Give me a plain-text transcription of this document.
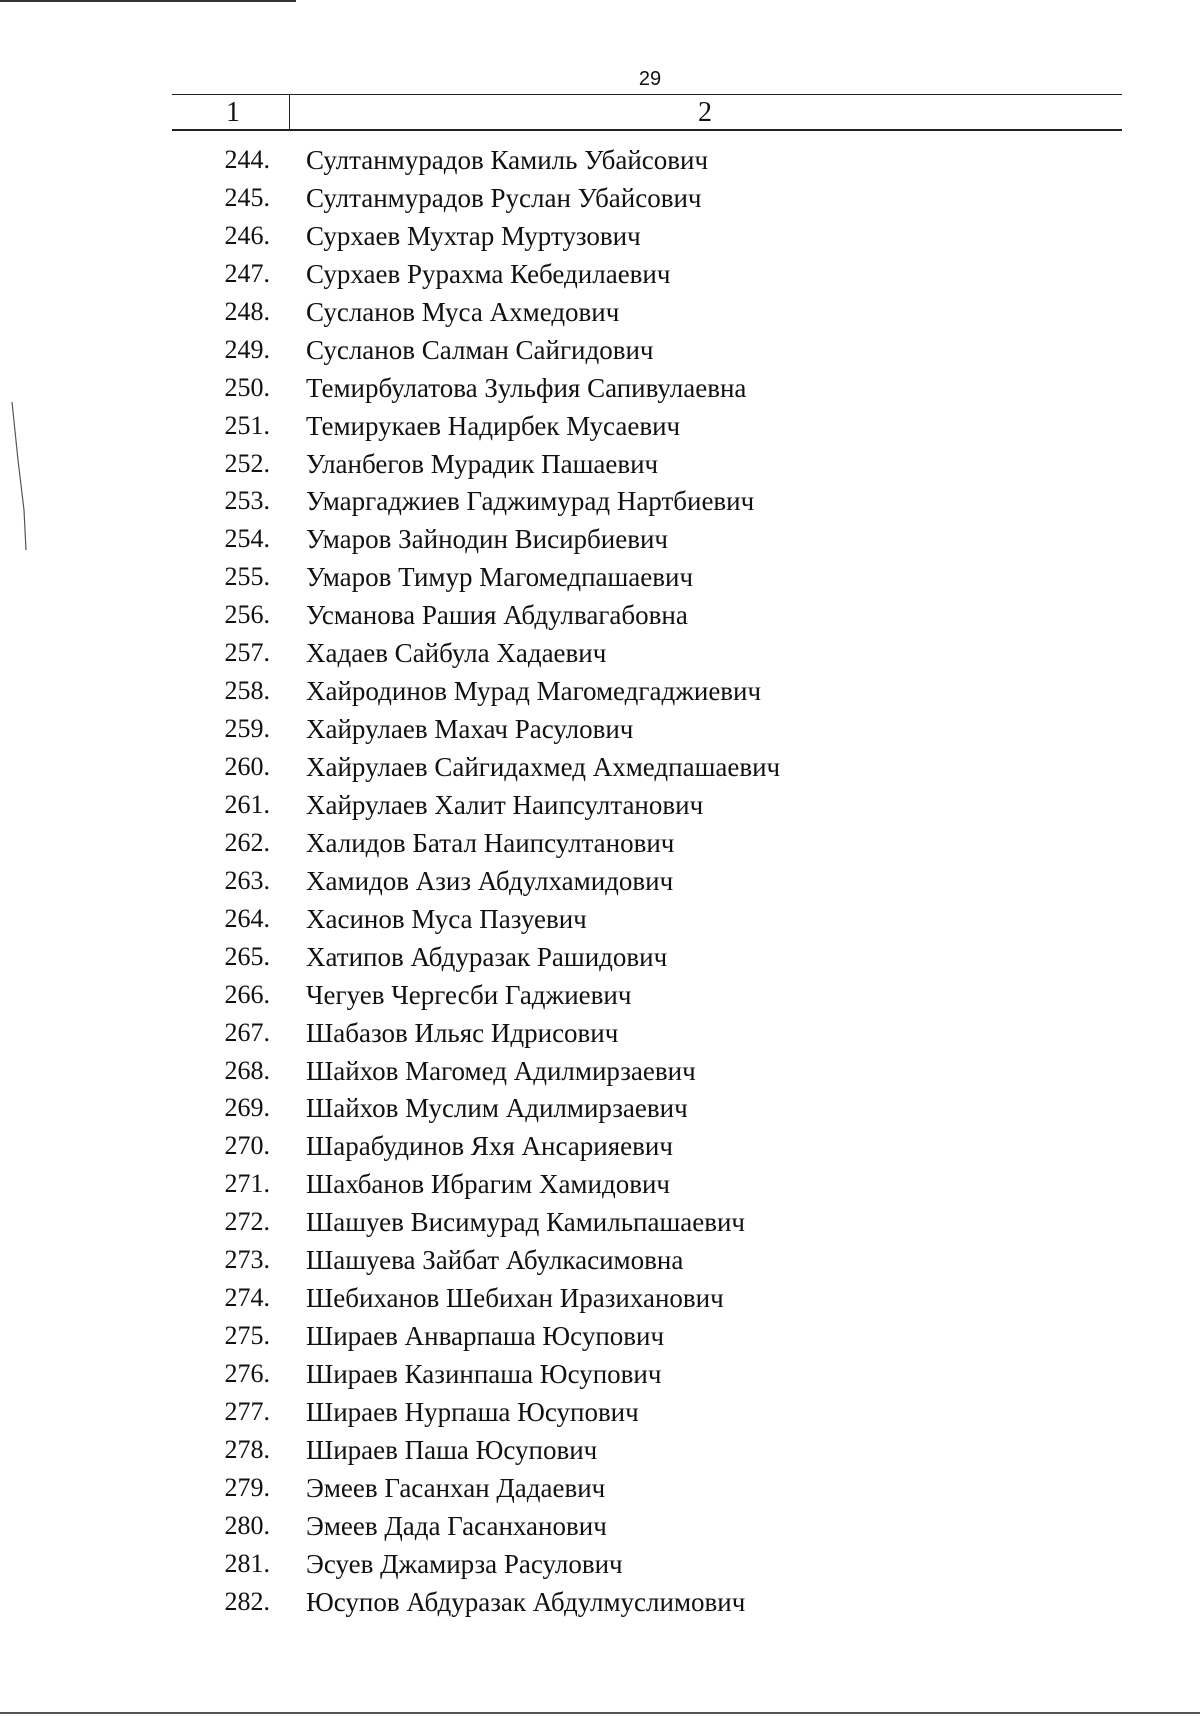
29
1	2
244. Султанмурадов Камиль Убайсович
245. Султанмурадов Руслан Убайсович
246. Сурхаев Мухтар Муртузович
247. Сурхаев Рурахма Кебедилаевич
248. Сусланов Муса Ахмедович
249. Сусланов Салман Сайгидович
250. Темирбулатова Зульфия Сапивулаевна
251. Темирукаев Надирбек Мусаевич
252. Уланбегов Мурадик Пашаевич
253. Умаргаджиев Гаджимурад Нартбиевич
254. Умаров Зайнодин Висирбиевич
255. Умаров Тимур Магомедпашаевич
256. Усманова Рашия Абдулвагабовна
257. Хадаев Сайбула Хадаевич
258. Хайродинов Мурад Магомедгаджиевич
259. Хайрулаев Махач Расулович
260. Хайрулаев Сайгидахмед Ахмедпашаевич
261. Хайрулаев Халит Наипсултанович
262. Халидов Батал Наипсултанович
263. Хамидов Азиз Абдулхамидович
264. Хасинов Муса Пазуевич
265. Хатипов Абдуразак Рашидович
266. Чегуев Чергесби Гаджиевич
267. Шабазов Ильяс Идрисович
268. Шайхов Магомед Адилмирзаевич
269. Шайхов Муслим Адилмирзаевич
270. Шарабудинов Яхя Ансарияевич
271. Шахбанов Ибрагим Хамидович
272. Шашуев Висимурад Камильпашаевич
273. Шашуева Зайбат Абулкасимовна
274. Шебиханов Шебихан Иразиханович
275. Шираев Анварпаша Юсупович
276. Шираев Казинпаша Юсупович
277. Шираев Нурпаша Юсупович
278. Шираев Паша Юсупович
279. Эмеев Гасанхан Дадаевич
280. Эмеев Дада Гасанханович
281. Эсуев Джамирза Расулович
282. Юсупов Абдуразак Абдулмуслимович
